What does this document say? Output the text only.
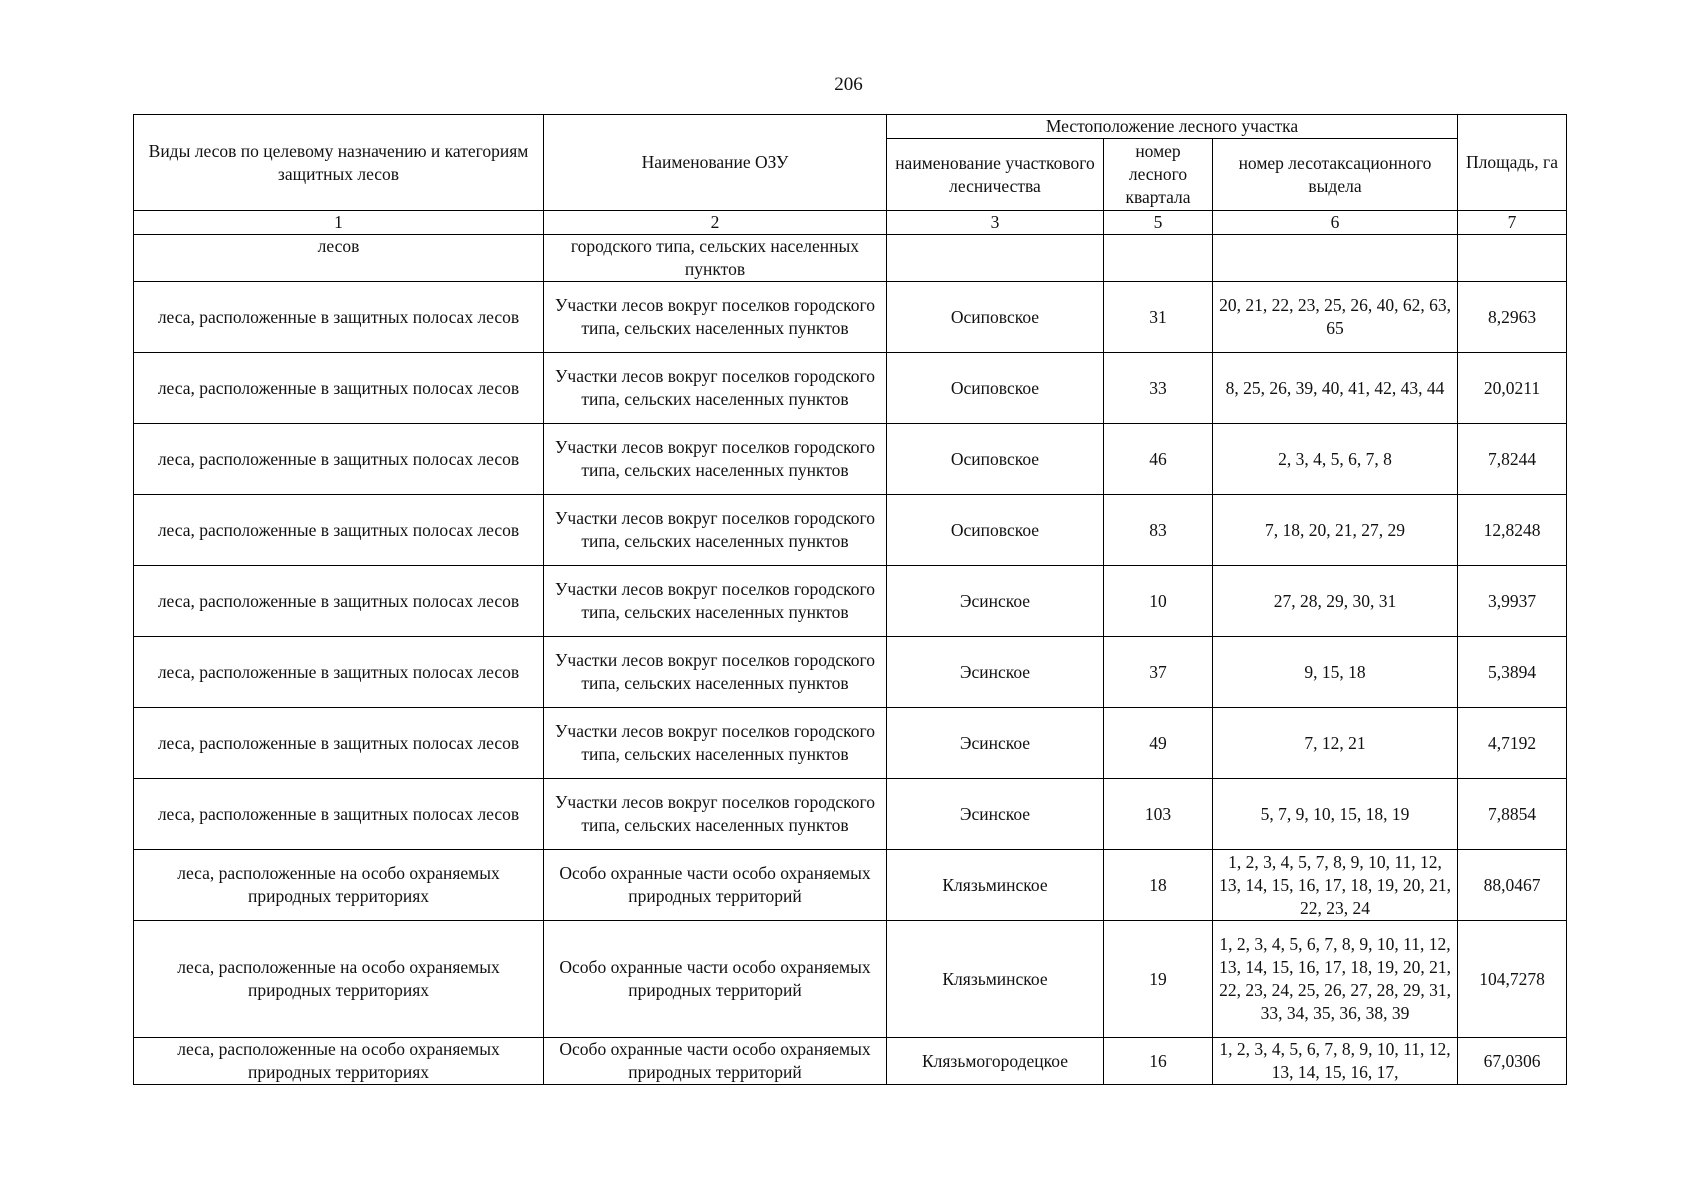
206
Виды лесов по целевому назначению и категориям защитных лесов	Наименование ОЗУ	Местоположение лесного участка			Площадь, га
		наименование участкового лесничества	номер лесного квартала	номер лесотаксационного выдела	
1	2	3	5	6	7
лесов	городского типа, сельских населенных пунктов				
леса, расположенные в защитных полосах лесов	Участки лесов вокруг поселков городского типа, сельских населенных пунктов	Осиповское	31	20, 21, 22, 23, 25, 26, 40, 62, 63, 65	8,2963
леса, расположенные в защитных полосах лесов	Участки лесов вокруг поселков городского типа, сельских населенных пунктов	Осиповское	33	8, 25, 26, 39, 40, 41, 42, 43, 44	20,0211
леса, расположенные в защитных полосах лесов	Участки лесов вокруг поселков городского типа, сельских населенных пунктов	Осиповское	46	2, 3, 4, 5, 6, 7, 8	7,8244
леса, расположенные в защитных полосах лесов	Участки лесов вокруг поселков городского типа, сельских населенных пунктов	Осиповское	83	7, 18, 20, 21, 27, 29	12,8248
леса, расположенные в защитных полосах лесов	Участки лесов вокруг поселков городского типа, сельских населенных пунктов	Эсинское	10	27, 28, 29, 30, 31	3,9937
леса, расположенные в защитных полосах лесов	Участки лесов вокруг поселков городского типа, сельских населенных пунктов	Эсинское	37	9, 15, 18	5,3894
леса, расположенные в защитных полосах лесов	Участки лесов вокруг поселков городского типа, сельских населенных пунктов	Эсинское	49	7, 12, 21	4,7192
леса, расположенные в защитных полосах лесов	Участки лесов вокруг поселков городского типа, сельских населенных пунктов	Эсинское	103	5, 7, 9, 10, 15, 18, 19	7,8854
леса, расположенные на особо охраняемых природных территориях	Особо охранные части особо охраняемых природных территорий	Клязьминское	18	1, 2, 3, 4, 5, 7, 8, 9, 10, 11, 12, 13, 14, 15, 16, 17, 18, 19, 20, 21, 22, 23, 24	88,0467
леса, расположенные на особо охраняемых природных территориях	Особо охранные части особо охраняемых природных территорий	Клязьминское	19	1, 2, 3, 4, 5, 6, 7, 8, 9, 10, 11, 12, 13, 14, 15, 16, 17, 18, 19, 20, 21, 22, 23, 24, 25, 26, 27, 28, 29, 31, 33, 34, 35, 36, 38, 39	104,7278
леса, расположенные на особо охраняемых природных территориях	Особо охранные части особо охраняемых природных территорий	Клязьмогородецкое	16	1, 2, 3, 4, 5, 6, 7, 8, 9, 10, 11, 12, 13, 14, 15, 16, 17,	67,0306
